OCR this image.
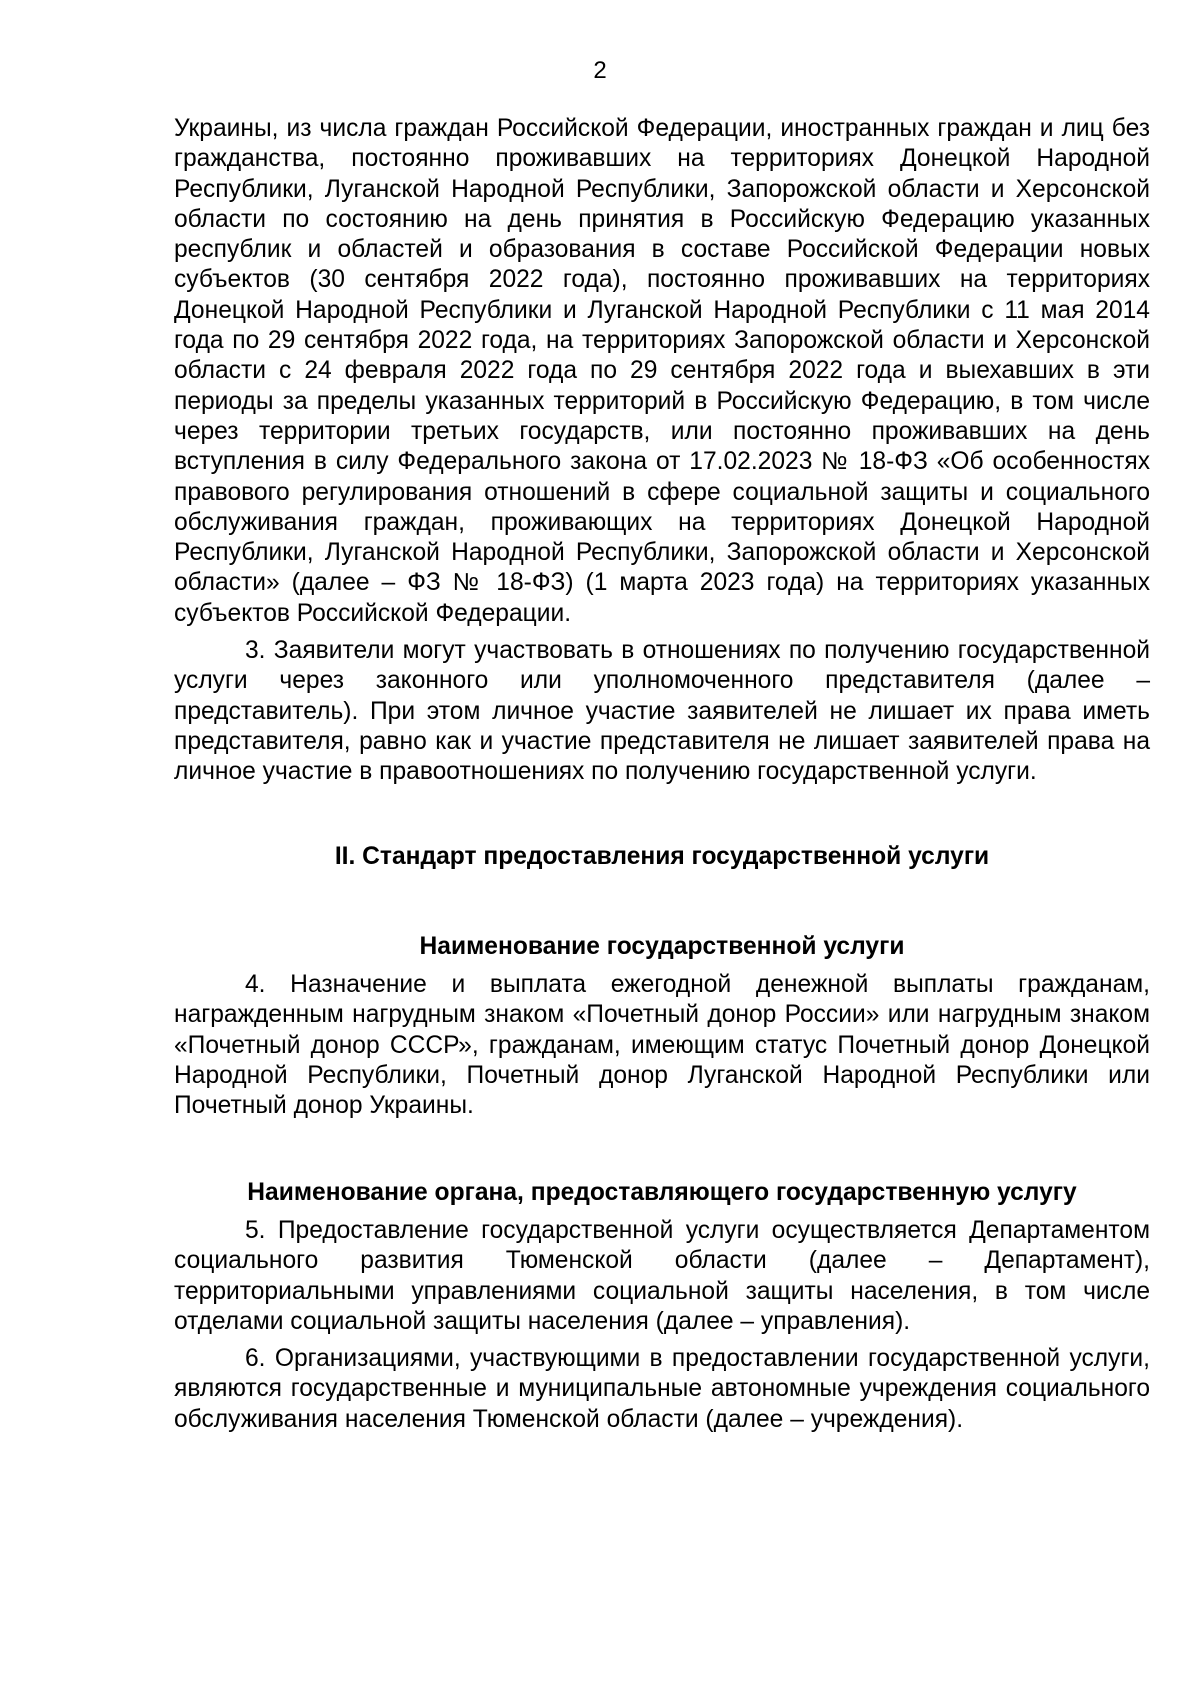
2

Украины, из числа граждан Российской Федерации, иностранных граждан и лиц без гражданства, постоянно проживавших на территориях Донецкой Народной Республики, Луганской Народной Республики, Запорожской области и Херсонской области по состоянию на день принятия в Российскую Федерацию указанных республик и областей и образования в составе Российской Федерации новых субъектов (30 сентября 2022 года), постоянно проживавших на территориях Донецкой Народной Республики и Луганской Народной Республики с 11 мая 2014 года по 29 сентября 2022 года, на территориях Запорожской области и Херсонской области с 24 февраля 2022 года по 29 сентября 2022 года и выехавших в эти периоды за пределы указанных территорий в Российскую Федерацию, в том числе через территории третьих государств, или постоянно проживавших на день вступления в силу Федерального закона от 17.02.2023 № 18-ФЗ «Об особенностях правового регулирования отношений в сфере социальной защиты и социального обслуживания граждан, проживающих на территориях Донецкой Народной Республики, Луганской Народной Республики, Запорожской области и Херсонской области» (далее – ФЗ № 18-ФЗ) (1 марта 2023 года) на территориях указанных субъектов Российской Федерации.

3. Заявители могут участвовать в отношениях по получению государственной услуги через законного или уполномоченного представителя (далее – представитель). При этом личное участие заявителей не лишает их права иметь представителя, равно как и участие представителя не лишает заявителей права на личное участие в правоотношениях по получению государственной услуги.

II. Стандарт предоставления государственной услуги
Наименование государственной услуги

4. Назначение и выплата ежегодной денежной выплаты гражданам, награжденным нагрудным знаком «Почетный донор России» или нагрудным знаком «Почетный донор СССР», гражданам, имеющим статус Почетный донор Донецкой Народной Республики, Почетный донор Луганской Народной Республики или Почетный донор Украины.

Наименование органа, предоставляющего государственную услугу

5. Предоставление государственной услуги осуществляется Департаментом социального развития Тюменской области (далее – Департамент), территориальными управлениями социальной защиты населения, в том числе отделами социальной защиты населения (далее – управления).

6. Организациями, участвующими в предоставлении государственной услуги, являются государственные и муниципальные автономные учреждения социального обслуживания населения Тюменской области (далее – учреждения).
